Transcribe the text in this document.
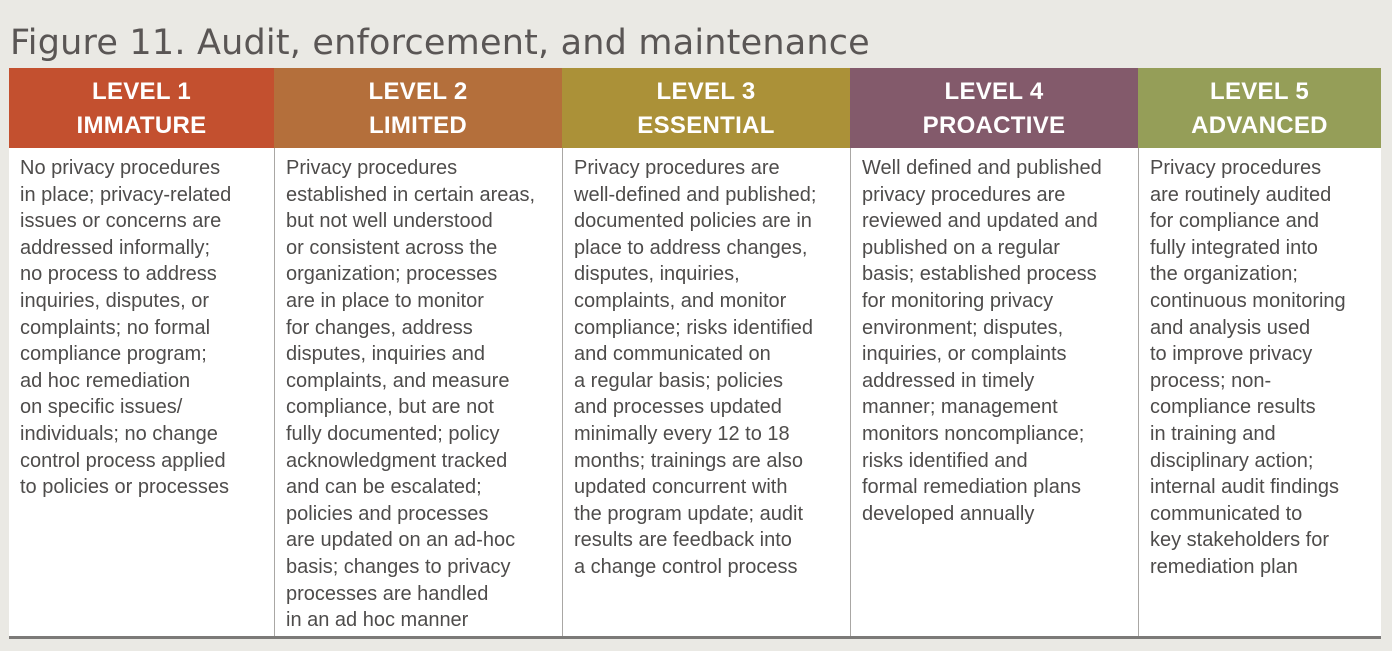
Figure 11. Audit, enforcement, and maintenance
LEVEL 1
IMMATURE
LEVEL 2
LIMITED
LEVEL 3
ESSENTIAL
LEVEL 4
PROACTIVE
LEVEL 5
ADVANCED
No privacy procedures
in place; privacy-related
issues or concerns are
addressed informally;
no process to address
inquiries, disputes, or
complaints; no formal
compliance program;
ad hoc remediation
on specific issues/
individuals; no change
control process applied
to policies or processes
Privacy procedures
established in certain areas,
but not well understood
or consistent across the
organization; processes
are in place to monitor
for changes, address
disputes, inquiries and
complaints, and measure
compliance, but are not
fully documented; policy
acknowledgment tracked
and can be escalated;
policies and processes
are updated on an ad-hoc
basis; changes to privacy
processes are handled
in an ad hoc manner
Privacy procedures are
well-defined and published;
documented policies are in
place to address changes,
disputes, inquiries,
complaints, and monitor
compliance; risks identified
and communicated on
a regular basis; policies
and processes updated
minimally every 12 to 18
months; trainings are also
updated concurrent with
the program update; audit
results are feedback into
a change control process
Well defined and published
privacy procedures are
reviewed and updated and
published on a regular
basis; established process
for monitoring privacy
environment; disputes,
inquiries, or complaints
addressed in timely
manner; management
monitors noncompliance;
risks identified and
formal remediation plans
developed annually
Privacy procedures
are routinely audited
for compliance and
fully integrated into
the organization;
continuous monitoring
and analysis used
to improve privacy
process; non-
compliance results
in training and
disciplinary action;
internal audit findings
communicated to
key stakeholders for
remediation plan
